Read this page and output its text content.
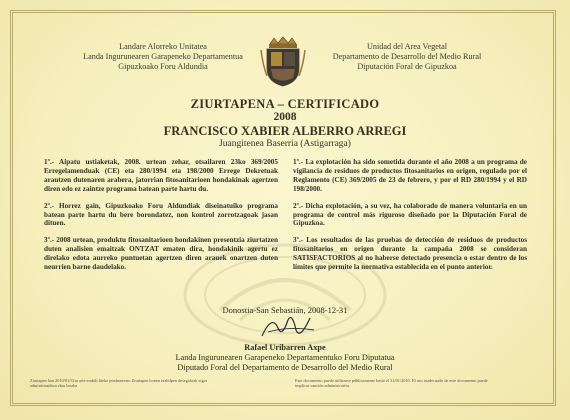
Landare Alorreko Unitatea
Landa Ingurunearen Garapeneko Departamentua
Gipuzkoako Foru Aldundia
Unidad del Area Vegetal
Departamento de Desarrollo del Medio Rural
Diputación Foral de Gipuzkoa
ZIURTAPENA – CERTIFICADO
2008
FRANCISCO XABIER ALBERRO ARREGI
Juangitenea Baserria (Astigarraga)

1º.- Aipatu ustiaketak, 2008. urtean zehar, otsailaren 23ko 369/2005 Erregelamenduak (CE) eta 280/1994 eta 198/2000 Errege Dekretuak arautzen dutenaren arabera, jatorrian fitosanitarioen hondakinak agertzen diren edo ez zaintze programa batean parte hartu du.

2º.- Horrez gain, Gipuzkoako Foru Aldundiak diseinatuiko programa batean parte hartu du bere borondatez, non kontrol zorrotzagoak jasan dituen.

3º.- 2008 urtean, produktu fitosanitarioen hondakinen presentzia ziurtatzen duten analisien emaitzak ONTZAT ematen dira, hondakinik agertu ez direlako edota aurreko puntuetan agertzen diren arauek onartzen duten neurrien barne daudelako.

1º.- La explotación ha sido sometida durante el año 2008 a un programa de vigilancia de residuos de productos fitosanitarios en origen, regulado por el Reglamento (CE) 369/2005 de 23 de febrero, y por el RD 280/1994 y el RD 198/2000.

2º.- Dicha explotación, a su vez, ha colaborado de manera voluntaria en un programa de control más riguroso diseñado por la Diputación Foral de Gipuzkoa.

3º.- Los resultados de las pruebas de detección de residuos de productos fitosanitarios en origen durante la campaña 2008 se consideran SATISFACTORIOS al no haberse detectado presencia o estar dentro de los límites que permite la normativa establecida en el punto anterior.

Donostia-San Sebastián, 2008-12-31
Rafael Uribarren Axpe
Landa Ingurunearen Garapeneko Departamentuko Foru Diputatua
Diputado Foral del Departamento de Desarrollo del Medio Rural
Ziurtapen hau 2010/01/31ra arte erabili liteke jendaurrean. Ziurtapen honen erabilpen desegokiak zigor administratiboa ekar lezake
Este documento puede utilizarse públicamente hasta el 31/01/2010. El uso inadecuado de este documento puede implicar sanción administrativa.
